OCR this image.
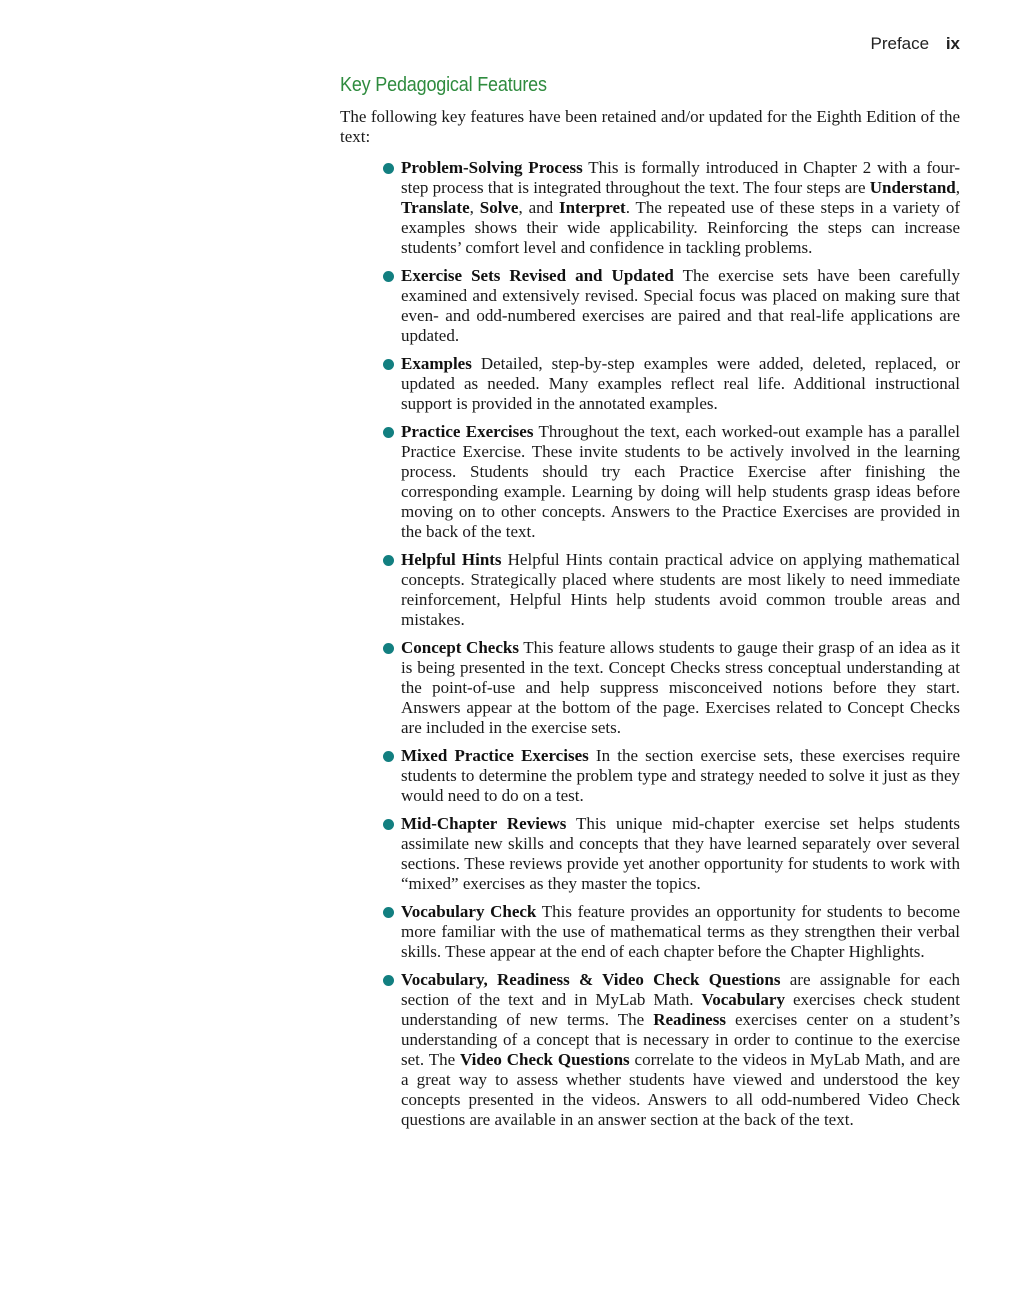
Preface ix
Key Pedagogical Features

The following key features have been retained and/or updated for the Eighth Edition of the text:

Problem-Solving Process This is formally introduced in Chapter 2 with a four-step process that is integrated throughout the text. The four steps are Understand, Translate, Solve, and Interpret. The repeated use of these steps in a variety of examples shows their wide applicability. Reinforcing the steps can increase students’ comfort level and confidence in tackling problems.
Exercise Sets Revised and Updated The exercise sets have been carefully examined and extensively revised. Special focus was placed on making sure that even- and odd-numbered exercises are paired and that real-life applications are updated.
Examples Detailed, step-by-step examples were added, deleted, replaced, or updated as needed. Many examples reflect real life. Additional instructional support is provided in the annotated examples.
Practice Exercises Throughout the text, each worked-out example has a parallel Practice Exercise. These invite students to be actively involved in the learning process. Students should try each Practice Exercise after finishing the corresponding example. Learning by doing will help students grasp ideas before moving on to other concepts. Answers to the Practice Exercises are provided in the back of the text.
Helpful Hints Helpful Hints contain practical advice on applying mathematical concepts. Strategically placed where students are most likely to need immediate reinforcement, Helpful Hints help students avoid common trouble areas and mistakes.
Concept Checks This feature allows students to gauge their grasp of an idea as it is being presented in the text. Concept Checks stress conceptual understanding at the point-of-use and help suppress misconceived notions before they start. Answers appear at the bottom of the page. Exercises related to Concept Checks are included in the exercise sets.
Mixed Practice Exercises In the section exercise sets, these exercises require students to determine the problem type and strategy needed to solve it just as they would need to do on a test.
Mid-Chapter Reviews This unique mid-chapter exercise set helps students assimilate new skills and concepts that they have learned separately over several sections. These reviews provide yet another opportunity for students to work with “mixed” exercises as they master the topics.
Vocabulary Check This feature provides an opportunity for students to become more familiar with the use of mathematical terms as they strengthen their verbal skills. These appear at the end of each chapter before the Chapter Highlights.
Vocabulary, Readiness & Video Check Questions are assignable for each section of the text and in MyLab Math. Vocabulary exercises check student understanding of new terms. The Readiness exercises center on a student’s understanding of a concept that is necessary in order to continue to the exercise set. The Video Check Questions correlate to the videos in MyLab Math, and are a great way to assess whether students have viewed and understood the key concepts presented in the videos. Answers to all odd-numbered Video Check questions are available in an answer section at the back of the text.
